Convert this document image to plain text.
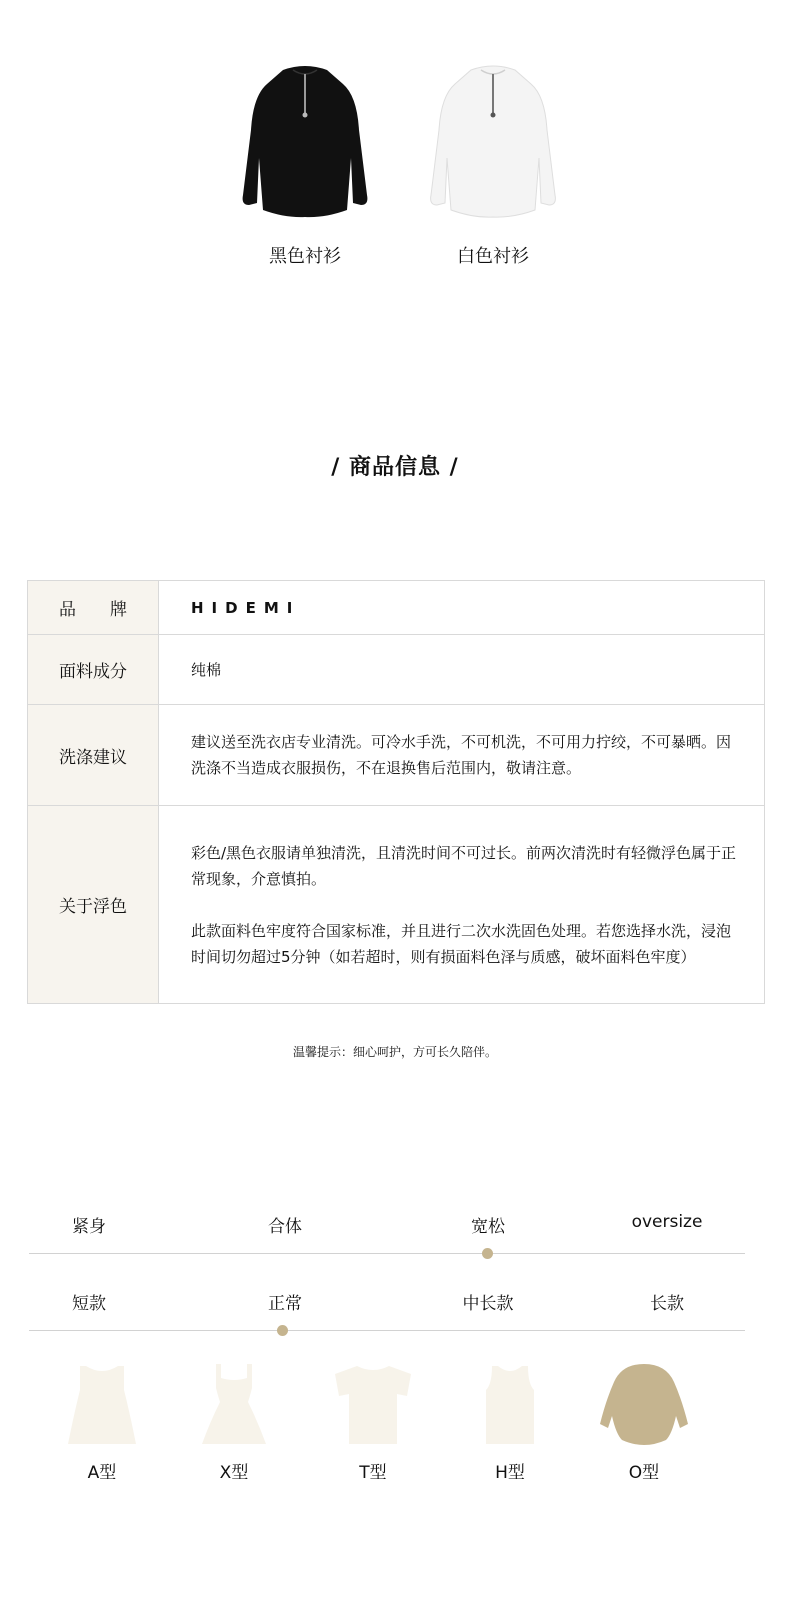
黑色衬衫	白色衬衫
/ 商品信息 /
品　　牌	HIDEMI
面料成分	纯棉
洗涤建议	建议送至洗衣店专业清洗。可冷水手洗，不可机洗，不可用力拧绞，不可暴晒。因洗涤不当造成衣服损伤，不在退换售后范围内，敬请注意。
关于浮色	彩色/黑色衣服请单独清洗，且清洗时间不可过长。前两次清洗时有轻微浮色属于正常现象，介意慎拍。
此款面料色牢度符合国家标准，并且进行二次水洗固色处理。若您选择水洗，浸泡时间切勿超过5分钟（如若超时，则有损面料色泽与质感，破坏面料色牢度）
温馨提示：细心呵护，方可长久陪伴。
紧身	合体	宽松	oversize
短款	正常	中长款	长款
A型	X型	T型	H型	O型
